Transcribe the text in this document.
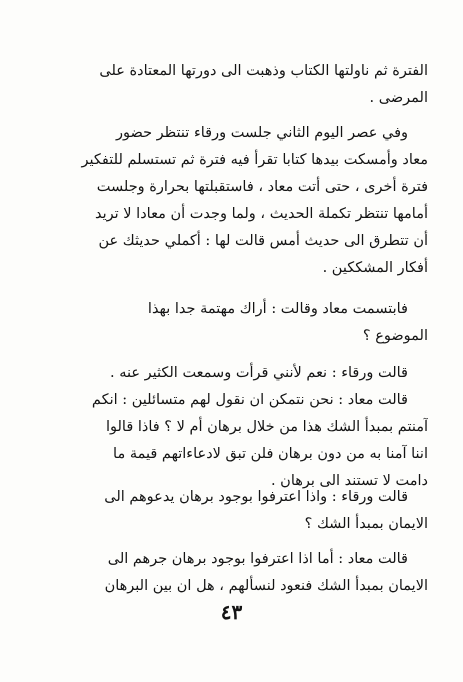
الفترة ثم ناولتها الكتاب وذهبت الى دورتها المعتادة على
المرضى .
وفي عصر اليوم الثاني جلست ورقاء تنتظر حضور
معاد وأمسكت بيدها كتابا تقرأ فيه فترة ثم تستسلم للتفكير
فترة أخرى ، حتى أتت معاد ، فاستقبلتها بحرارة وجلست
أمامها تنتظر تكملة الحديث ، ولما وجدت أن معادا لا تريد
أن تتطرق الى حديث أمس قالت لها : أكملي حديثك عن
أفكار المشككين .
فابتسمت معاد وقالت : أراك مهتمة جدا بهذا
الموضوع ؟
قالت ورقاء : نعم لأنني قرأت وسمعت الكثير عنه .
قالت معاد : نحن نتمكن ان نقول لهم متسائلين : انكم
آمنتم بمبدأ الشك هذا من خلال برهان أم لا ؟ فاذا قالوا
اننا آمنا به من دون برهان فلن تبق لادعاءاتهم قيمة ما
دامت لا تستند الى برهان .
قالت ورقاء : واذا اعترفوا بوجود برهان يدعوهم الى
الايمان بمبدأ الشك ؟
قالت معاد : أما اذا اعترفوا بوجود برهان جرهم الى
الايمان بمبدأ الشك فنعود لنسألهم ، هل ان بين البرهان
٤٣
